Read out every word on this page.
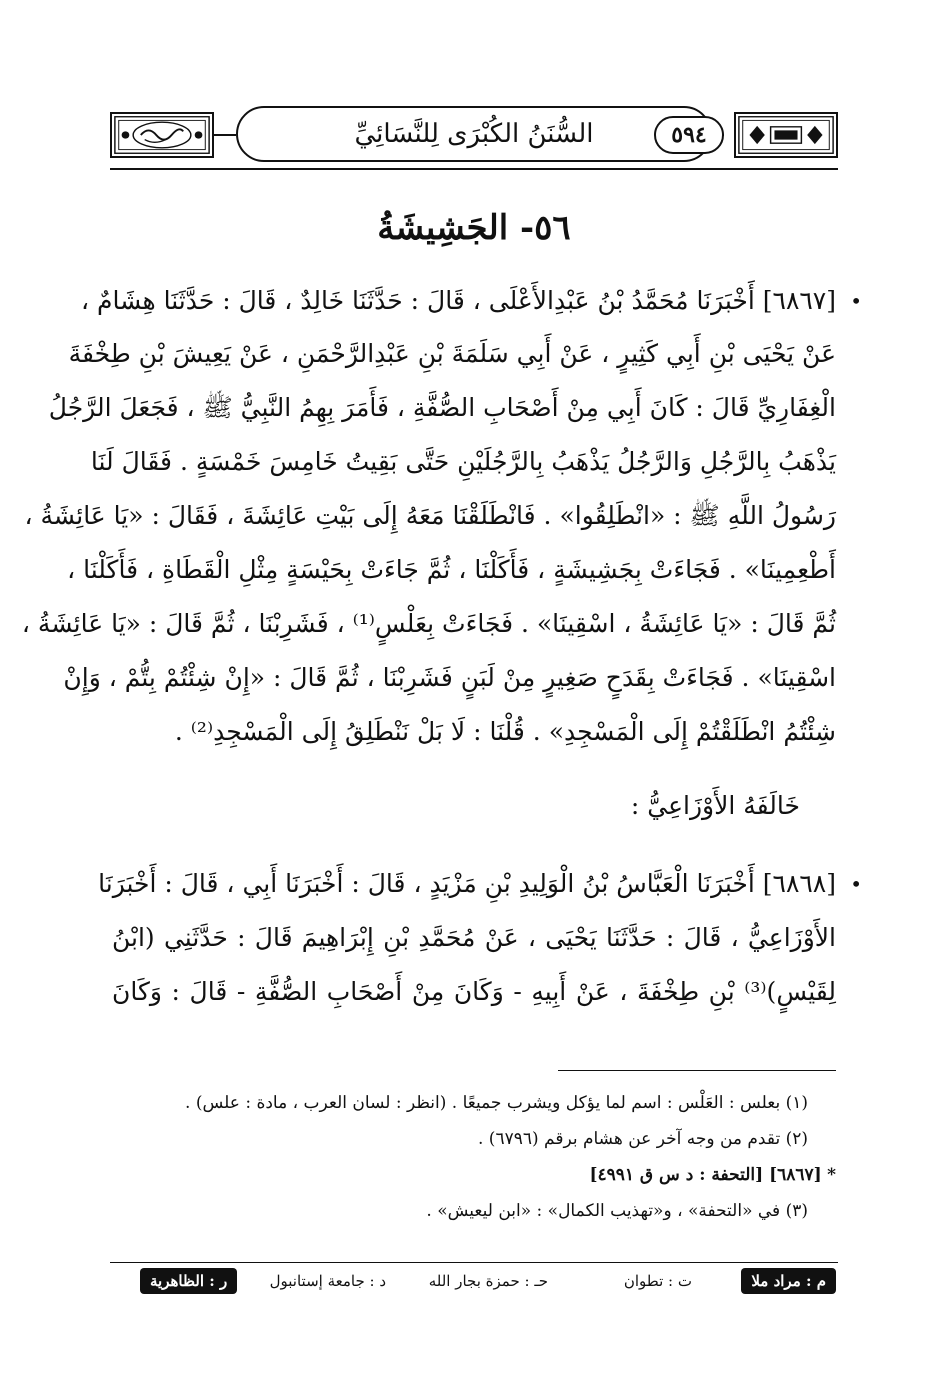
السُّنَنُ الكُبْرَى لِلنَّسَائِيِّ	٥٩٤
٥٦- الجَشِيشَةُ
•
[٦٨٦٧] أَخْبَرَنَا مُحَمَّدُ بْنُ عَبْدِالأَعْلَى ، قَالَ : حَدَّثَنَا خَالِدٌ ، قَالَ : حَدَّثَنَا هِشَامٌ ،
عَنْ يَحْيَى بْنِ أَبِي كَثِيرٍ ، عَنْ أَبِي سَلَمَةَ بْنِ عَبْدِالرَّحْمَنِ ، عَنْ يَعِيشَ بْنِ طِخْفَةَ
الْغِفَارِيِّ قَالَ : كَانَ أَبِي مِنْ أَصْحَابِ الصُّفَّةِ ، فَأَمَرَ بِهِمُ النَّبِيُّ ﷺ ، فَجَعَلَ الرَّجُلُ
يَذْهَبُ بِالرَّجُلِ وَالرَّجُلُ يَذْهَبُ بِالرَّجُلَيْنِ حَتَّى بَقِيتُ خَامِسَ خَمْسَةٍ . فَقَالَ لَنَا
رَسُولُ اللَّهِ ﷺ : «انْطَلِقُوا» . فَانْطَلَقْنَا مَعَهُ إِلَى بَيْتِ عَائِشَةَ ، فَقَالَ : «يَا عَائِشَةُ ،
أَطْعِمِينَا» . فَجَاءَتْ بِجَشِيشَةٍ ، فَأَكَلْنَا ، ثُمَّ جَاءَتْ بِحَيْسَةٍ مِثْلِ الْقَطَاةِ ، فَأَكَلْنَا ،
ثُمَّ قَالَ : «يَا عَائِشَةُ ، اسْقِينَا» . فَجَاءَتْ بِعَلْسٍ⁽¹⁾ ، فَشَرِبْنَا ، ثُمَّ قَالَ : «يَا عَائِشَةُ ،
اسْقِينَا» . فَجَاءَتْ بِقَدَحٍ صَغِيرٍ مِنْ لَبَنٍ فَشَرِبْنَا ، ثُمَّ قَالَ : «إِنْ شِئْتُمْ بِتُّمْ ، وَإِنْ
شِئْتُمُ انْطَلَقْتُمْ إِلَى الْمَسْجِدِ» . قُلْنَا : لَا بَلْ نَنْطَلِقُ إِلَى الْمَسْجِدِ⁽²⁾ .
خَالَفَهُ الأَوْزَاعِيُّ :
•
[٦٨٦٨] أَخْبَرَنَا الْعَبَّاسُ بْنُ الْوَلِيدِ بْنِ مَزْيَدٍ ، قَالَ : أَخْبَرَنَا أَبِي ، قَالَ : أَخْبَرَنَا
الأَوْزَاعِيُّ ، قَالَ : حَدَّثَنَا يَحْيَى ، عَنْ مُحَمَّدِ بْنِ إِبْرَاهِيمَ قَالَ : حَدَّثَنِي (ابْنُ
لِقَيْسٍ)⁽³⁾ بْنِ طِخْفَةَ ، عَنْ أَبِيهِ - وَكَانَ مِنْ أَصْحَابِ الصُّفَّةِ - قَالَ : وَكَانَ
(١) بعلس : العَلْس : اسم لما يؤكل ويشرب جميعًا . (انظر : لسان العرب ، مادة : علس) .
(٢) تقدم من وجه آخر عن هشام برقم (٦٧٩٦) .
* [٦٨٦٧] [التحفة : د س ق ٤٩٩١]
(٣) في «التحفة» ، و«تهذيب الكمال» : «ابن ليعيش» .
م : مراد ملا
ت : تطوان
حـ : حمزة بجار الله
د : جامعة إستانبول
ر : الظاهرية
